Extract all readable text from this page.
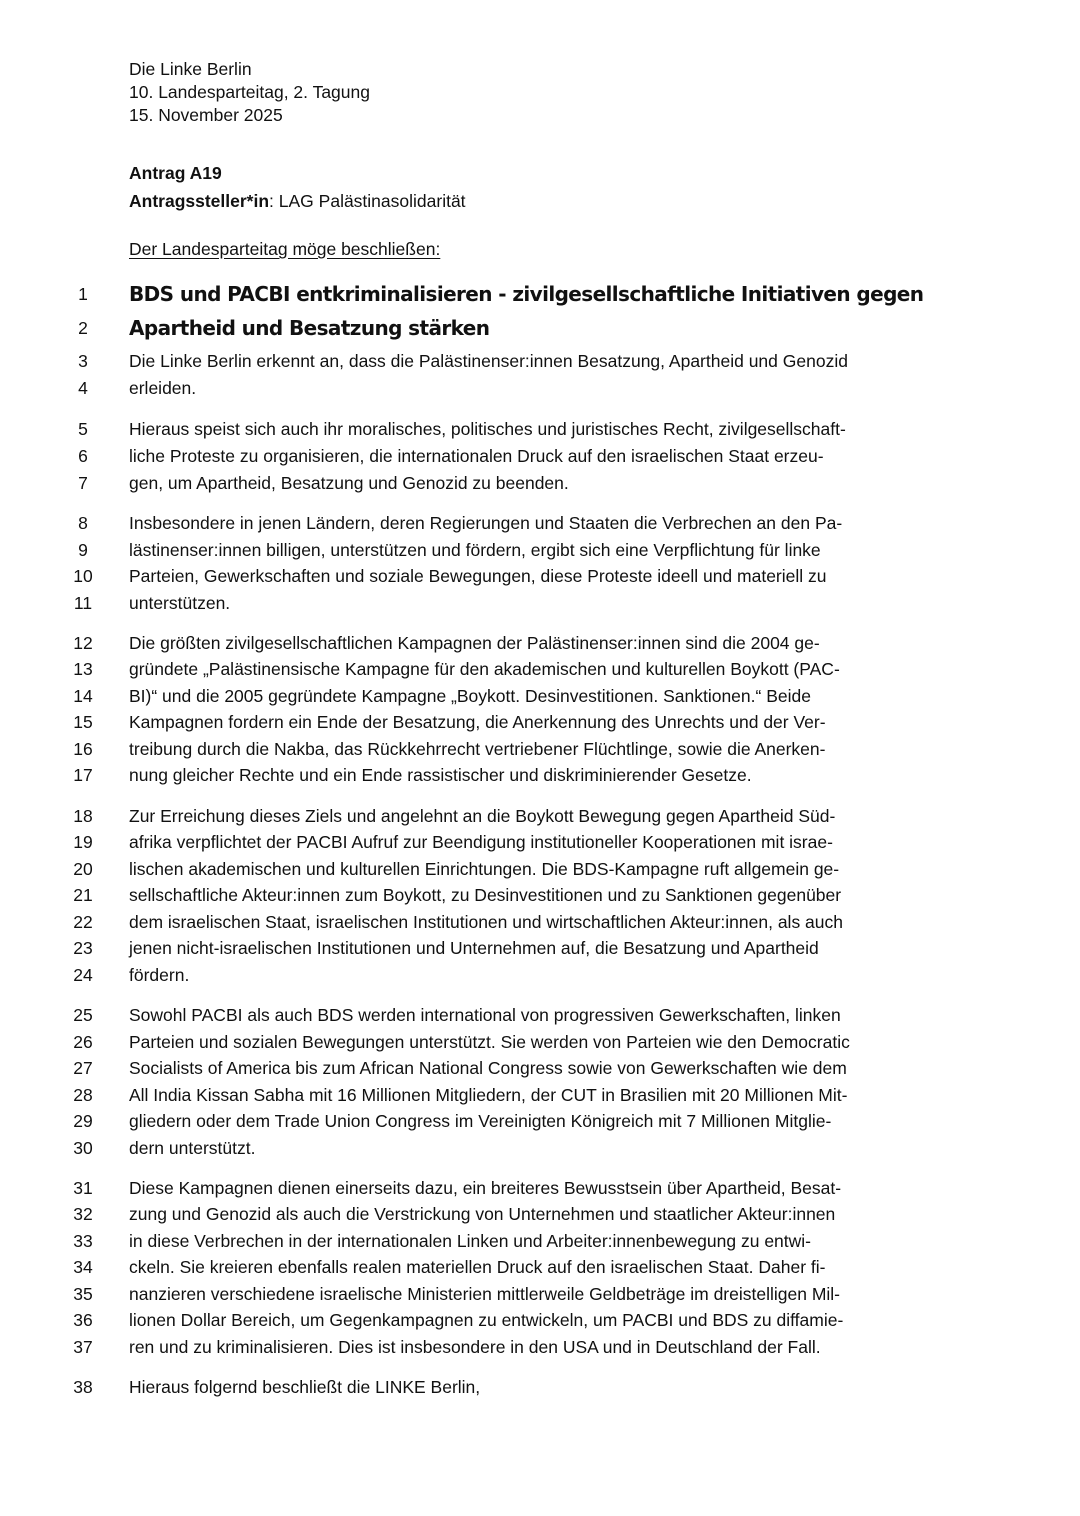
Die Linke Berlin
10. Landesparteitag, 2. Tagung
15. November 2025
Antrag A19
Antragssteller*in: LAG Palästinasolidarität
Der Landesparteitag möge beschließen:
1	BDS und PACBI entkriminalisieren - zivilgesellschaftliche Initiativen gegen
2	Apartheid und Besatzung stärken
3	Die Linke Berlin erkennt an, dass die Palästinenser:innen Besatzung, Apartheid und Genozid
4	erleiden.
5	Hieraus speist sich auch ihr moralisches, politisches und juristisches Recht, zivilgesellschaft-
6	liche Proteste zu organisieren, die internationalen Druck auf den israelischen Staat erzeu-
7	gen, um Apartheid, Besatzung und Genozid zu beenden.
8	Insbesondere in jenen Ländern, deren Regierungen und Staaten die Verbrechen an den Pa-
9	lästinenser:innen billigen, unterstützen und fördern, ergibt sich eine Verpflichtung für linke
10 Parteien, Gewerkschaften und soziale Bewegungen, diese Proteste ideell und materiell zu
11 unterstützen.
12 Die größten zivilgesellschaftlichen Kampagnen der Palästinenser:innen sind die 2004 ge-
13 gründete „Palästinensische Kampagne für den akademischen und kulturellen Boykott (PAC-
14 BI)“ und die 2005 gegründete Kampagne „Boykott. Desinvestitionen. Sanktionen.“ Beide
15 Kampagnen fordern ein Ende der Besatzung, die Anerkennung des Unrechts und der Ver-
16 treibung durch die Nakba, das Rückkehrrecht vertriebener Flüchtlinge, sowie die Anerken-
17 nung gleicher Rechte und ein Ende rassistischer und diskriminierender Gesetze.
18 Zur Erreichung dieses Ziels und angelehnt an die Boykott Bewegung gegen Apartheid Süd-
19 afrika verpflichtet der PACBI Aufruf zur Beendigung institutioneller Kooperationen mit israe-
20 lischen akademischen und kulturellen Einrichtungen. Die BDS-Kampagne ruft allgemein ge-
21 sellschaftliche Akteur:innen zum Boykott, zu Desinvestitionen und zu Sanktionen gegenüber
22 dem israelischen Staat, israelischen Institutionen und wirtschaftlichen Akteur:innen, als auch
23 jenen nicht-israelischen Institutionen und Unternehmen auf, die Besatzung und Apartheid
24 fördern.
25 Sowohl PACBI als auch BDS werden international von progressiven Gewerkschaften, linken
26 Parteien und sozialen Bewegungen unterstützt. Sie werden von Parteien wie den Democratic
27 Socialists of America bis zum African National Congress sowie von Gewerkschaften wie dem
28 All India Kissan Sabha mit 16 Millionen Mitgliedern, der CUT in Brasilien mit 20 Millionen Mit-
29 gliedern oder dem Trade Union Congress im Vereinigten Königreich mit 7 Millionen Mitglie-
30 dern unterstützt.
31 Diese Kampagnen dienen einerseits dazu, ein breiteres Bewusstsein über Apartheid, Besat-
32 zung und Genozid als auch die Verstrickung von Unternehmen und staatlicher Akteur:innen
33 in diese Verbrechen in der internationalen Linken und Arbeiter:innenbewegung zu entwi-
34 ckeln. Sie kreieren ebenfalls realen materiellen Druck auf den israelischen Staat. Daher fi-
35 nanzieren verschiedene israelische Ministerien mittlerweile Geldbeträge im dreistelligen Mil-
36 lionen Dollar Bereich, um Gegenkampagnen zu entwickeln, um PACBI und BDS zu diffamie-
37 ren und zu kriminalisieren. Dies ist insbesondere in den USA und in Deutschland der Fall.
38 Hieraus folgernd beschließt die LINKE Berlin,
